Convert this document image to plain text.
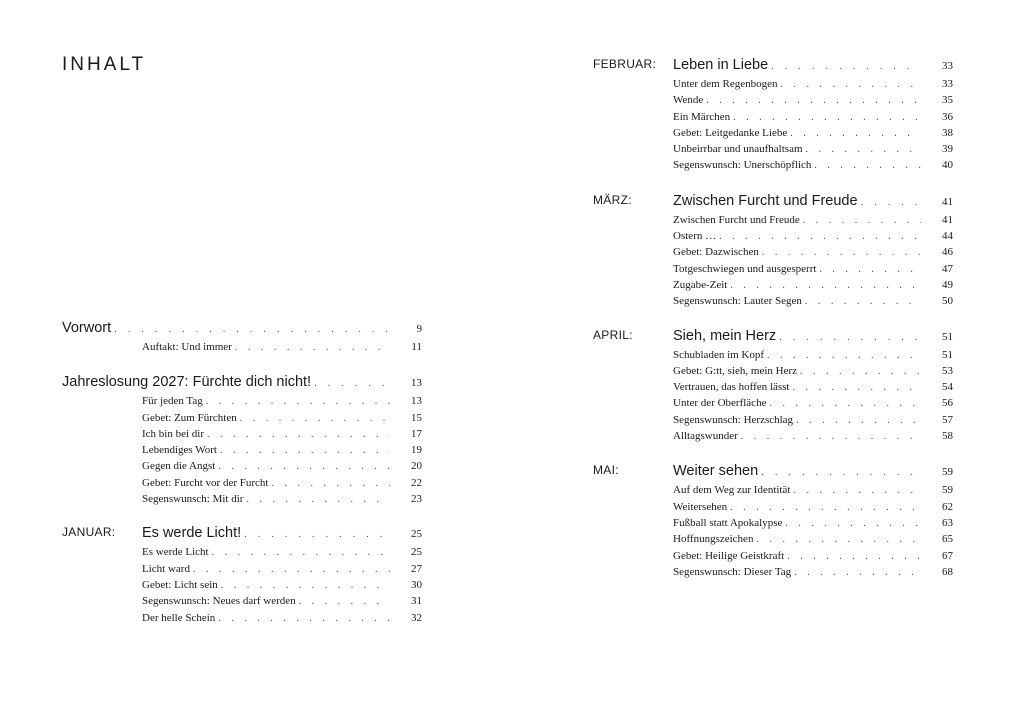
INHALT
Vorwort . . .	9
Auftakt: Und immer . . .	11
Jahreslosung 2027: Fürchte dich nicht! . . .	13
Für jeden Tag . . .	13
Gebet: Zum Fürchten . . .	15
Ich bin bei dir . . .	17
Lebendiges Wort . . .	19
Gegen die Angst . . .	20
Gebet: Furcht vor der Furcht . . .	22
Segenswunsch: Mit dir . . .	23
JANUAR: Es werde Licht! . . .	25
Es werde Licht . . .	25
Licht ward . . .	27
Gebet: Licht sein . . .	30
Segenswunsch: Neues darf werden . . .	31
Der helle Schein . . .	32
FEBRUAR: Leben in Liebe . . .	33
Unter dem Regenbogen . . .	33
Wende . . .	35
Ein Märchen . . .	36
Gebet: Leitgedanke Liebe . . .	38
Unbeirrbar und unaufhaltsam . . .	39
Segenswunsch: Unerschöpflich . . .	40
MÄRZ:	Zwischen Furcht und Freude . . .	41
Zwischen Furcht und Freude . . .	41
Ostern … . . .	44
Gebet: Dazwischen . . .	46
Totgeschwiegen und ausgesperrt . . .	47
Zugabe-Zeit . . .	49
Segenswunsch: Lauter Segen . . .	50
APRIL:	Sieh, mein Herz . . .	51
Schubladen im Kopf . . .	51
Gebet: G:tt, sieh, mein Herz . . .	53
Vertrauen, das hoffen lässt . . .	54
Unter der Oberfläche . . .	56
Segenswunsch: Herzschlag . . .	57
Alltagswunder . . .	58
MAI:	Weiter sehen . . .	59
Auf dem Weg zur Identität . . .	59
Weitersehen . . .	62
Fußball statt Apokalypse . . .	63
Hoffnungszeichen . . .	65
Gebet: Heilige Geistkraft . . .	67
Segenswunsch: Dieser Tag . . .	68
